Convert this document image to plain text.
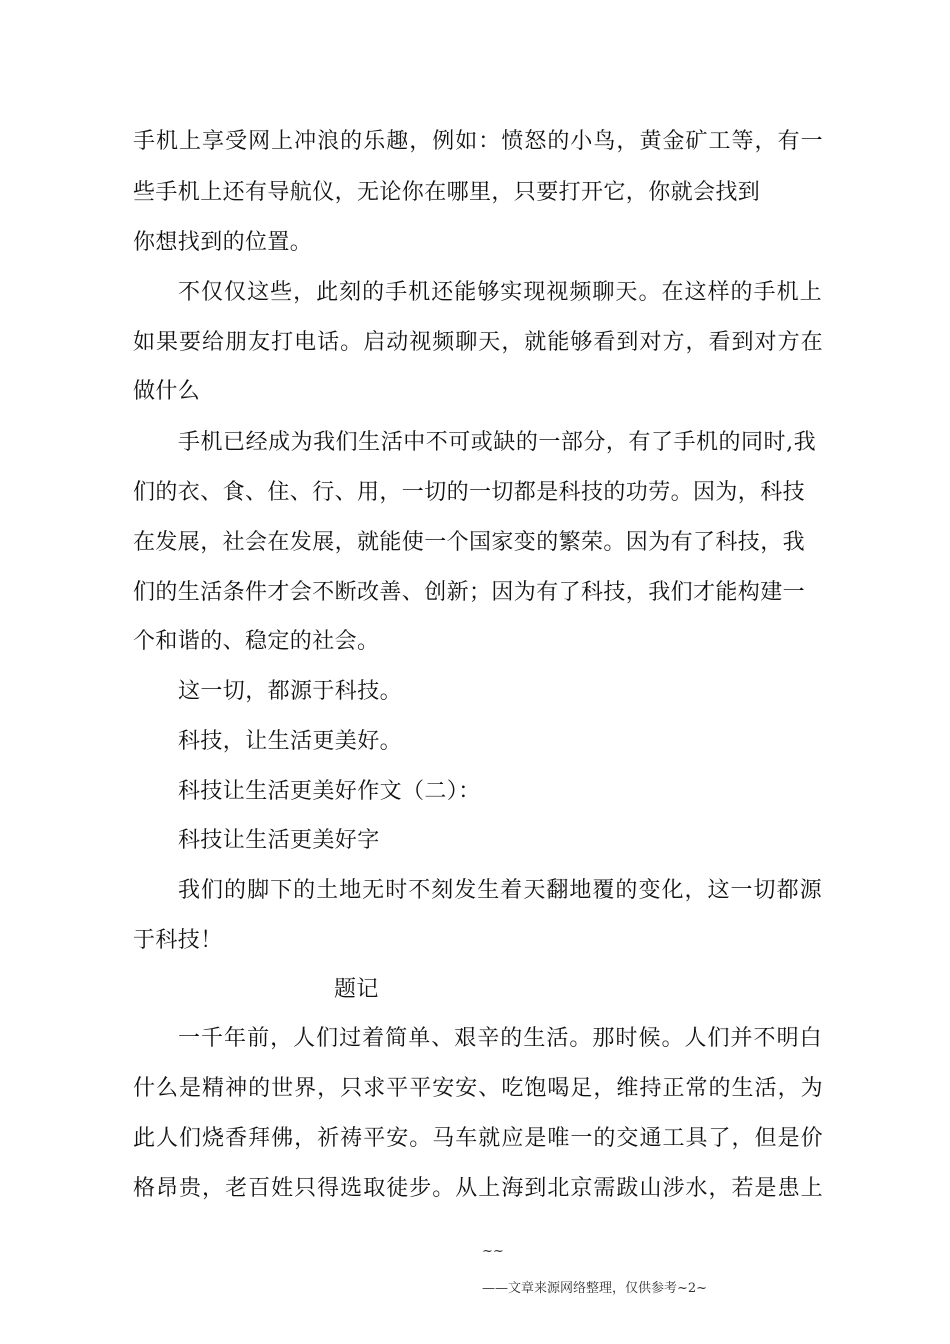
手机上享受网上冲浪的乐趣，例如：愤怒的小鸟，黄金矿工等，有一
些手机上还有导航仪，无论你在哪里，只要打开它，你就会找到
你想找到的位置。
不仅仅这些，此刻的手机还能够实现视频聊天。在这样的手机上
如果要给朋友打电话。启动视频聊天，就能够看到对方，看到对方在
做什么
手机已经成为我们生活中不可或缺的一部分，有了手机的同时,我
们的衣、食、住、行、用，一切的一切都是科技的功劳。因为，科技
在发展，社会在发展，就能使一个国家变的繁荣。因为有了科技，我
们的生活条件才会不断改善、创新；因为有了科技，我们才能构建一
个和谐的、稳定的社会。
这一切，都源于科技。
科技，让生活更美好。
科技让生活更美好作文（二）：
科技让生活更美好字
我们的脚下的土地无时不刻发生着天翻地覆的变化，这一切都源
于科技！
题记
一千年前，人们过着简单、艰辛的生活。那时候。人们并不明白
什么是精神的世界，只求平平安安、吃饱喝足，维持正常的生活，为
此人们烧香拜佛，祈祷平安。马车就应是唯一的交通工具了，但是价
格昂贵，老百姓只得选取徒步。从上海到北京需跋山涉水，若是患上
~~
——文章来源网络整理，仅供参考~2~
